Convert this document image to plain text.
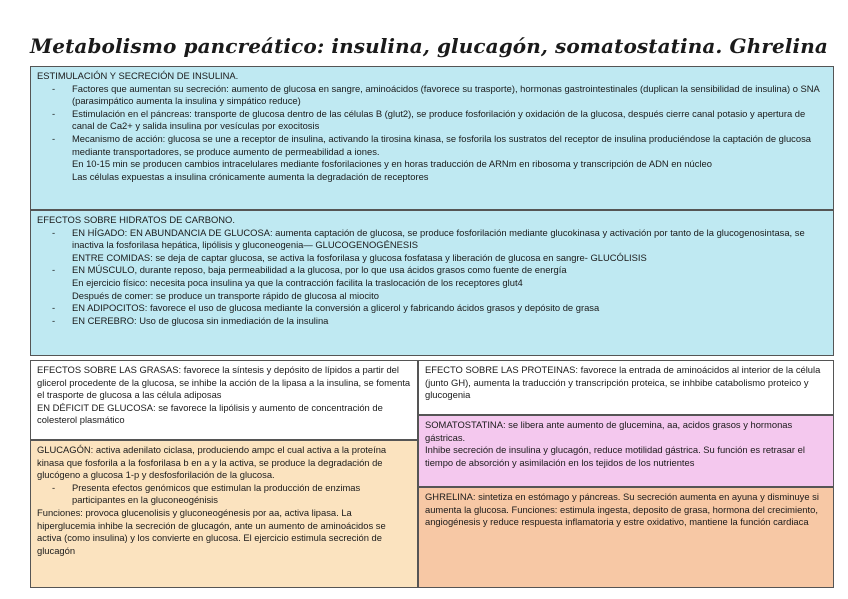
Metabolismo pancreático: insulina, glucagón, somatostatina. Ghrelina

ESTIMULACIÓN Y SECRECIÓN DE INSULINA.

- Factores que aumentan su secreción: aumento de glucosa en sangre, aminoácidos (favorece su trasporte), hormonas gastrointestinales (duplican la sensibilidad de insulina) o SNA (parasimpático aumenta la insulina y simpático reduce)
- Estimulación en el páncreas: transporte de glucosa dentro de las células B (glut2), se produce fosforilación y oxidación de la glucosa, después cierre canal potasio y apertura de canal de Ca2+ y salida insulina por vesículas por exocitosis
- Mecanismo de acción: glucosa se une a receptor de insulina, activando la tirosina kinasa, se fosforila los sustratos del receptor de insulina produciéndose la captación de glucosa mediante transportadores, se produce aumento de permeabilidad a iones.

En 10-15 min se producen cambios intracelulares mediante fosforilaciones y en horas traducción de ARNm en ribosoma y transcripción de ADN en núcleo

Las células expuestas a insulina crónicamente aumenta la degradación de receptores

EFECTOS SOBRE HIDRATOS DE CARBONO.

- EN HÍGADO: EN ABUNDANCIA DE GLUCOSA: aumenta captación de glucosa, se produce fosforilación mediante glucokinasa y activación por tanto de la glucogenosintasa, se inactiva la fosforilasa hepática, lipólisis y gluconeogenia— GLUCOGENOGÉNESIS
ENTRE COMIDAS: se deja de captar glucosa, se activa la fosforilasa y glucosa fosfatasa y liberación de glucosa en sangre- GLUCÓLISIS
- EN MÚSCULO, durante reposo, baja permeabilidad a la glucosa, por lo que usa ácidos grasos como fuente de energía
En ejercicio físico: necesita poca insulina ya que la contracción facilita la traslocación de los receptores glut4
Después de comer: se produce un transporte rápido de glucosa al miocito
- EN ADIPOCITOS: favorece el uso de glucosa mediante la conversión a glicerol y fabricando ácidos grasos y depósito de grasa
- EN CEREBRO: Uso de glucosa sin inmediación de la insulina

EFECTOS SOBRE LAS GRASAS: favorece la síntesis y depósito de lípidos a partir del glicerol procedente de la glucosa, se inhibe la acción de la lipasa a la insulina, se fomenta el trasporte de glucosa a las célula adiposas

EN DÉFICIT DE GLUCOSA: se favorece la lipólisis y aumento de concentración de colesterol plasmático

EFECTO SOBRE LAS PROTEINAS: favorece la entrada de aminoácidos al interior de la célula (junto GH), aumenta la traducción y transcripción proteica, se inhbibe catabolismo proteico y glucogenia

SOMATOSTATINA: se libera ante aumento de glucemina, aa, acidos grasos y hormonas gástricas.

Inhibe secreción de insulina y glucagón, reduce motilidad gástrica. Su función es retrasar el tiempo de absorción y asimilación en los tejidos de los nutrientes

GLUCAGÓN: activa adenilato ciclasa, produciendo ampc el cual activa a la proteína kinasa que fosforila a la fosforilasa b en a y la activa, se produce la degradación de glucógeno a glucosa 1-p y desfosforilación de la glucosa.

- Presenta efectos genómicos que estimulan la producción de enzimas participantes en la gluconeogénisis

Funciones: provoca glucenolisis y gluconeogénesis por aa, activa lipasa. La hiperglucemia inhibe la secreción de glucagón, ante un aumento de aminoácidos se activa (como insulina) y los convierte en glucosa. El ejercicio estimula secreción de glucagón

GHRELINA: sintetiza en estómago y páncreas. Su secreción aumenta en ayuna y disminuye si aumenta la glucosa. Funciones: estimula ingesta, deposito de grasa, hormona del crecimiento, angiogénesis y reduce respuesta inflamatoria y estre oxidativo, mantiene la función cardiaca
